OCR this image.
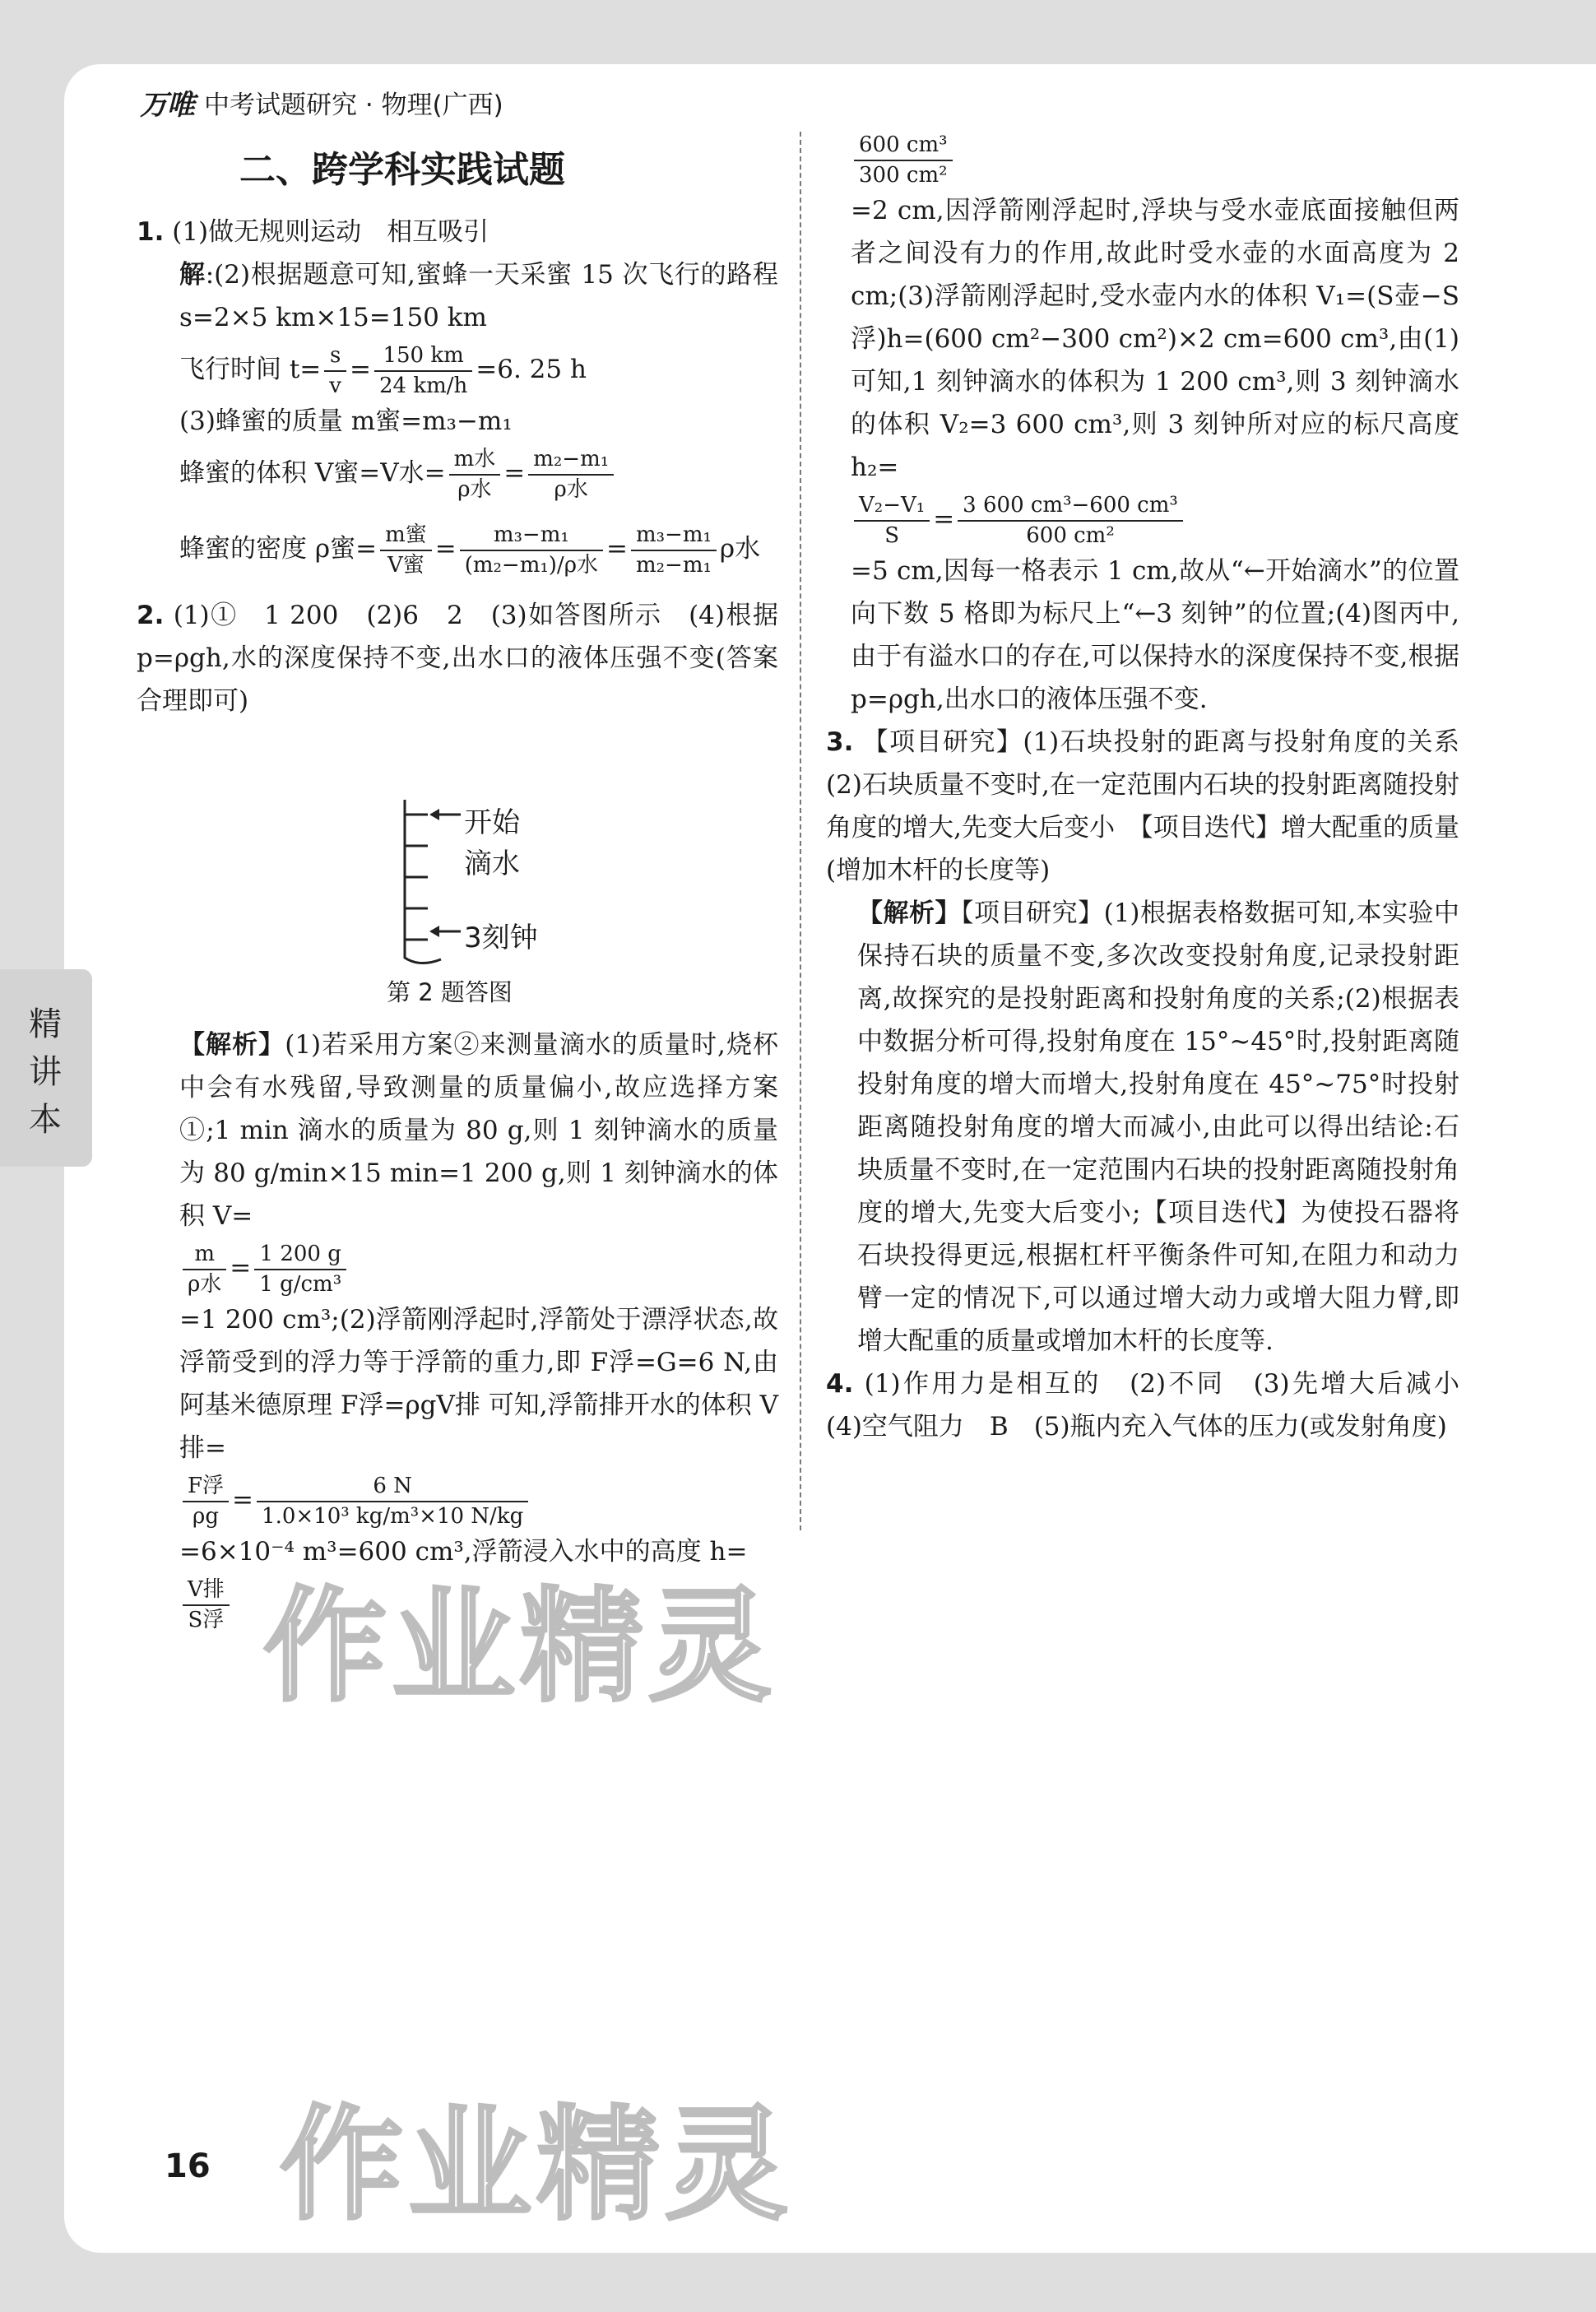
万唯 中考试题研究 · 物理(广西)
二、跨学科实践试题

1. (1)做无规则运动　相互吸引

解:(2)根据题意可知,蜜蜂一天采蜜 15 次飞行的路程 s=2×5 km×15=150 km

飞行时间 $t= \frac{s}{v} = \frac{150 km}{24 km/h} =6$. 25 h

(3)蜂蜜的质量 m蜜=m₃−m₁

蜂蜜的体积 V蜜=V水= $\frac{\text{m水}}{\text{ρ水}} = \frac{\text{m₂−m₁}}{\text{ρ水}}$

蜂蜜的密度 ρ蜜= $\frac{\text{m蜜}}{\text{V蜜}} = \frac{\text{m₃−m₁}}{\text{(m₂−m₁)/ρ水}} = \frac{\text{m₃−m₁}}{\text{m₂−m₁}}$ ρ水

2. (1)①　1 200　(2)6　2　(3)如答图所示　(4)根据 p=ρgh,水的深度保持不变,出水口的液体压强不变(答案合理即可)

开始
滴水
3刻钟
第 2 题答图

【解析】(1)若采用方案②来测量滴水的质量时,烧杯中会有水残留,导致测量的质量偏小,故应选择方案①;1 min 滴水的质量为 80 g,则 1 刻钟滴水的质量为 80 g/min×15 min=1 200 g,则 1 刻钟滴水的体积 V=

$\frac{m}{\text{ρ水}} = \frac{1 200 g}{\text{1 g/cm³}}$

=1 200 cm³;(2)浮箭刚浮起时,浮箭处于漂浮状态,故浮箭受到的浮力等于浮箭的重力,即 F浮=G=6 N,由阿基米德原理 F浮=ρgV排 可知,浮箭排开水的体积 V排=

$\frac{\text{F浮}}{\rho g} = \frac{6 N}{\text{1.0×10³ kg/m³×10 N/kg}}$

=6×10⁻⁴ m³=600 cm³,浮箭浸入水中的高度 h=

$\frac{\text{V排}}{\text{S浮}}$

$\frac{\text{600 cm³}}{\text{300 cm²}}$

=2 cm,因浮箭刚浮起时,浮块与受水壶底面接触但两者之间没有力的作用,故此时受水壶的水面高度为 2 cm;(3)浮箭刚浮起时,受水壶内水的体积 V₁=(S壶−S浮)h=(600 cm²−300 cm²)×2 cm=600 cm³,由(1)可知,1 刻钟滴水的体积为 1 200 cm³,则 3 刻钟滴水的体积 V₂=3 600 cm³,则 3 刻钟所对应的标尺高度 h₂=

$\frac{\text{V₂−V₁}}{S} = \frac{\text{3 600 cm³−600 cm³}}{\text{600 cm²}}$

=5 cm,因每一格表示 1 cm,故从“←开始滴水”的位置向下数 5 格即为标尺上“←3 刻钟”的位置;(4)图丙中,由于有溢水口的存在,可以保持水的深度保持不变,根据 p=ρgh,出水口的液体压强不变.

3. 【项目研究】(1)石块投射的距离与投射角度的关系 (2)石块质量不变时,在一定范围内石块的投射距离随投射角度的增大,先变大后变小　【项目迭代】增大配重的质量(增加木杆的长度等)

【解析】【项目研究】(1)根据表格数据可知,本实验中保持石块的质量不变,多次改变投射角度,记录投射距离,故探究的是投射距离和投射角度的关系;(2)根据表中数据分析可得,投射角度在 15°~45°时,投射距离随投射角度的增大而增大,投射角度在 45°~75°时投射距离随投射角度的增大而减小,由此可以得出结论:石块质量不变时,在一定范围内石块的投射距离随投射角度的增大,先变大后变小;【项目迭代】为使投石器将石块投得更远,根据杠杆平衡条件可知,在阻力和动力臂一定的情况下,可以通过增大动力或增大阻力臂,即增大配重的质量或增加木杆的长度等.

4. (1)作用力是相互的　(2)不同　(3)先增大后减小　(4)空气阻力　B　(5)瓶内充入气体的压力(或发射角度)

精
讲
本
作业精灵
作业精灵
16
